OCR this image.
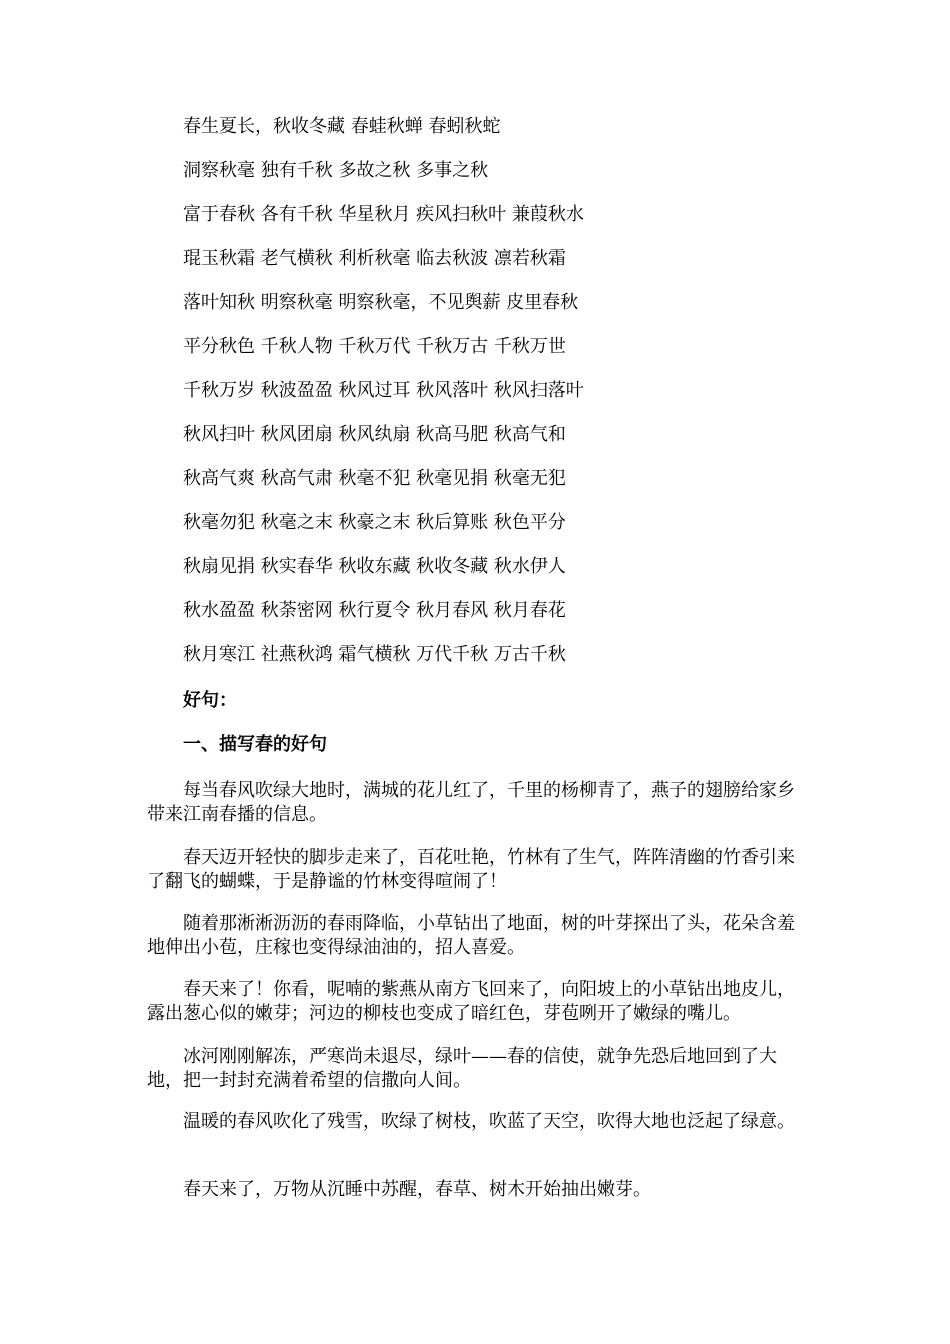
春生夏长，秋收冬藏 春蛙秋蝉 春蚓秋蛇
洞察秋毫 独有千秋 多故之秋 多事之秋
富于春秋 各有千秋 华星秋月 疾风扫秋叶 兼葭秋水
琨玉秋霜 老气横秋 利析秋毫 临去秋波 凛若秋霜
落叶知秋 明察秋毫 明察秋毫，不见舆薪 皮里春秋
平分秋色 千秋人物 千秋万代 千秋万古 千秋万世
千秋万岁 秋波盈盈 秋风过耳 秋风落叶 秋风扫落叶
秋风扫叶 秋风团扇 秋风纨扇 秋高马肥 秋高气和
秋高气爽 秋高气肃 秋毫不犯 秋毫见捐 秋毫无犯
秋毫勿犯 秋毫之末 秋豪之末 秋后算账 秋色平分
秋扇见捐 秋实春华 秋收东藏 秋收冬藏 秋水伊人
秋水盈盈 秋荼密网 秋行夏令 秋月春风 秋月春花
秋月寒江 社燕秋鸿 霜气横秋 万代千秋 万古千秋
好句：
一、描写春的好句
每当春风吹绿大地时，满城的花儿红了，千里的杨柳青了，燕子的翅膀给家乡带来江南春播的信息。
春天迈开轻快的脚步走来了，百花吐艳，竹林有了生气，阵阵清幽的竹香引来了翻飞的蝴蝶，于是静谧的竹林变得喧闹了！
随着那淅淅沥沥的春雨降临，小草钻出了地面，树的叶芽探出了头，花朵含羞地伸出小苞，庄稼也变得绿油油的，招人喜爱。
春天来了！你看，呢喃的紫燕从南方飞回来了，向阳坡上的小草钻出地皮儿，露出葱心似的嫩芽；河边的柳枝也变成了暗红色，芽苞咧开了嫩绿的嘴儿。
冰河刚刚解冻，严寒尚未退尽，绿叶——春的信使，就争先恐后地回到了大地，把一封封充满着希望的信撒向人间。
温暖的春风吹化了残雪，吹绿了树枝，吹蓝了天空，吹得大地也泛起了绿意。
春天来了，万物从沉睡中苏醒，春草、树木开始抽出嫩芽。
